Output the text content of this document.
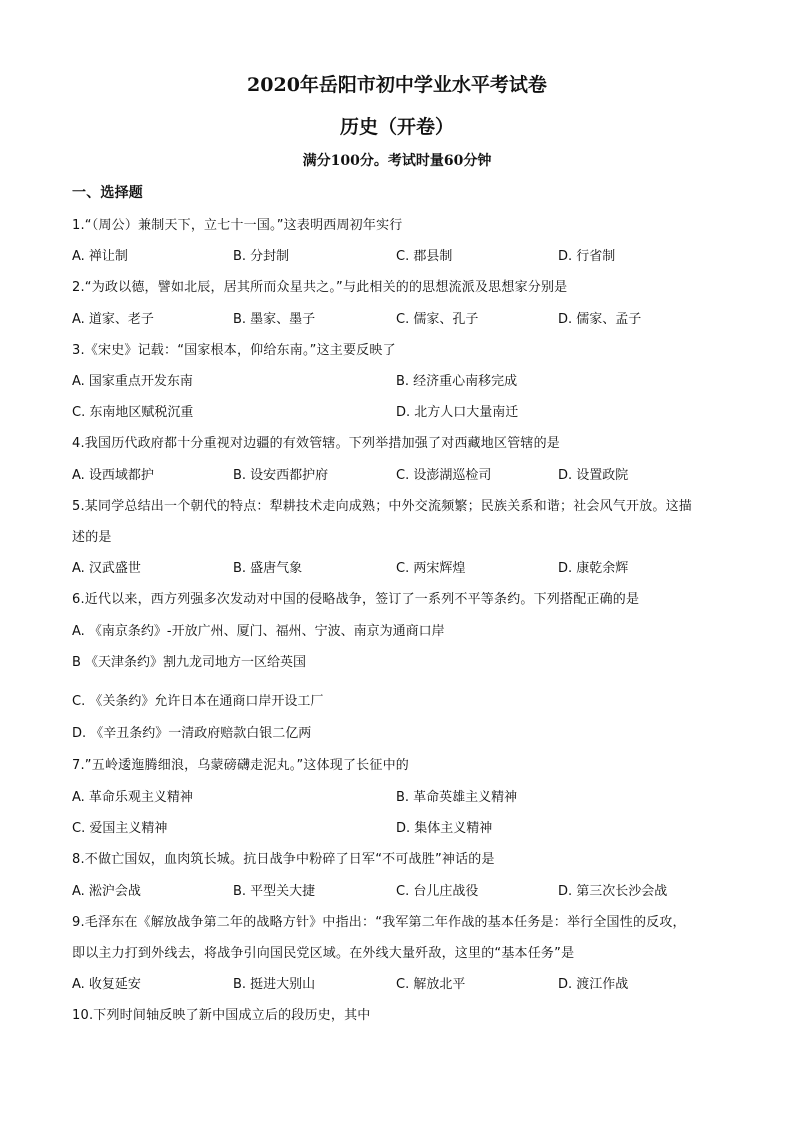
2020年岳阳市初中学业水平考试卷
历史（开卷）
满分100分。考试时量60分钟
一、选择题
1.“（周公）兼制天下，立七十一国。”这表明西周初年实行
A. 禅让制	B. 分封制	C. 郡县制	D. 行省制
2.“为政以德，譬如北辰，居其所而众星共之。”与此相关的的思想流派及思想家分别是
A. 道家、老子	B. 墨家、墨子	C. 儒家、孔子	D. 儒家、孟子
3.《宋史》记载：“国家根本，仰给东南。”这主要反映了
A. 国家重点开发东南	B. 经济重心南移完成
C. 东南地区赋税沉重	D. 北方人口大量南迁
4.我国历代政府都十分重视对边疆的有效管辖。下列举措加强了对西藏地区管辖的是
A. 设西域都护	B. 设安西都护府	C. 设澎湖巡检司	D. 设置政院
5.某同学总结出一个朝代的特点：犁耕技术走向成熟；中外交流频繁；民族关系和谐；社会风气开放。这描
述的是
A. 汉武盛世	B. 盛唐气象	C. 两宋辉煌	D. 康乾余辉
6.近代以来，西方列强多次发动对中国的侵略战争，签订了一系列不平等条约。下列搭配正确的是
A. 《南京条约》-开放广州、厦门、福州、宁波、南京为通商口岸
B 《天津条约》割九龙司地方一区给英国
C. 《关条约》允许日本在通商口岸开设工厂
D. 《辛丑条约》一清政府赔款白银二亿两
7.”五岭逶迤腾细浪，乌蒙磅礴走泥丸。”这体现了长征中的
A. 革命乐观主义精神	B. 革命英雄主义精神
C. 爱国主义精神	D. 集体主义精神
8.不做亡国奴，血肉筑长城。抗日战争中粉碎了日军“不可战胜”神话的是
A. 淞沪会战	B. 平型关大捷	C. 台儿庄战役	D. 第三次长沙会战
9.毛泽东在《解放战争第二年的战略方针》中指出：“我军第二年作战的基本任务是：举行全国性的反攻，
即以主力打到外线去，将战争引向国民党区域。在外线大量歼敌，这里的“基本任务”是
A. 收复延安	B. 挺进大别山	C. 解放北平	D. 渡江作战
10.下列时间轴反映了新中国成立后的段历史，其中
